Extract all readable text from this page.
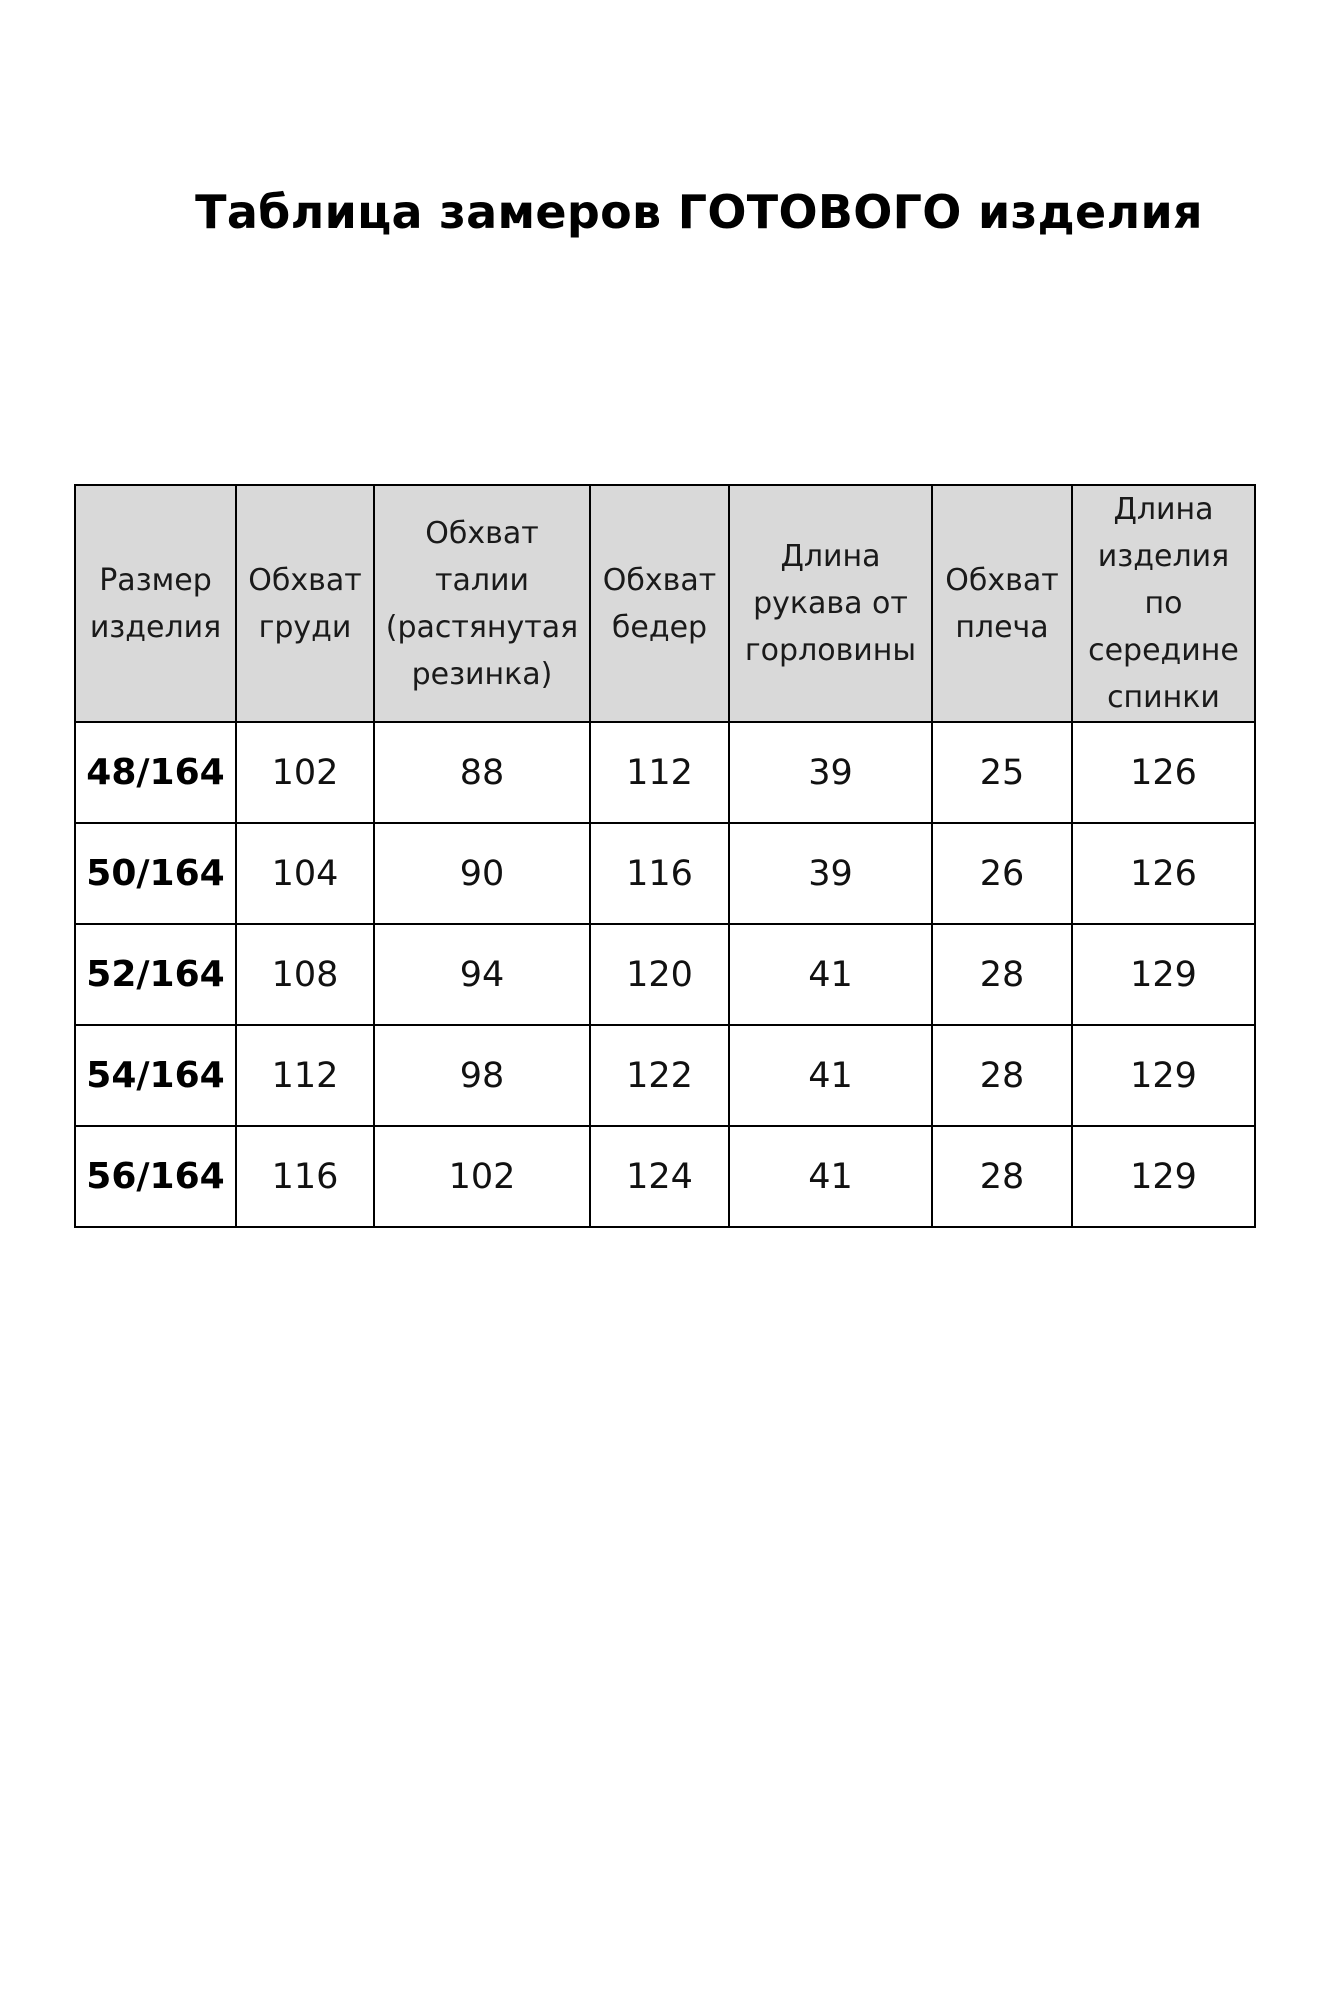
Таблица замеров ГОТОВОГО изделия
Размер
изделия	Обхват
груди	Обхват
талии
(растянутая
резинка)	Обхват
бедер	Длина
рукава от
горловины	Обхват
плеча	Длина
изделия
по
середине
спинки
48/164	102	88	112	39	25	126
50/164	104	90	116	39	26	126
52/164	108	94	120	41	28	129
54/164	112	98	122	41	28	129
56/164	116	102	124	41	28	129
